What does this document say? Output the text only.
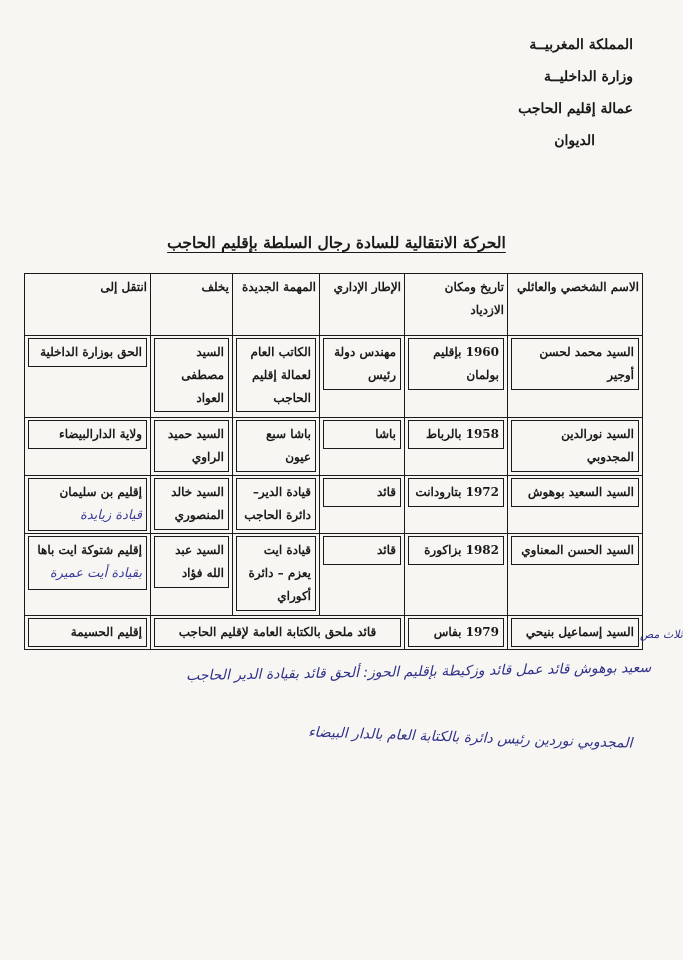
المملكة المغربيــة
وزارة الداخليــة
عمالة إقليم الحاجب
الديوان
الحركة الانتقالية للسادة رجال السلطة بإقليم الحاجب
الاسم الشخصي والعائلي	تاريخ ومكان الازدياد	الإطار الإداري	المهمة الجديدة	يخلف	انتقل إلى

السيد محمد لحسن أوجير	1960 بإقليم بولمان	مهندس دولة رئيس	الكاتب العام لعمالة إقليم الحاجب	السيد مصطفى العواد	الحق بوزارة الداخلية

السيد نورالدين المجدوبي	1958 بالرباط	باشا	باشا سبع عيون	السيد حميد الراوي	ولاية الدارالبيضاء

السيد السعيد بوهوش	1972 بتارودانت	قائد	قيادة الدير– دائرة الحاجب	السيد خالد المنصوري	إقليم بن سليمان
قيادة زيايدة

السيد الحسن المعناوي	1982 بزاكورة	قائد	قيادة ايت يعزم – دائرة أكوراي	السيد عبد الله فؤاد	إقليم شتوكة ايت باها
بقيادة أيت عميرة

السيد إسماعيل بنيحي	1979 بفاس	قائد ملحق بالكتابة العامة لإقليم الحاجب			إقليم الحسيمة	ثلاث مص
سعيد بوهوش قائد عمل قائد وزكيطة بإقليم الحوز: ألحق قائد بقيادة الدير الحاجب
المجدوبي نوردين رئيس دائرة بالكتابة العام بالدار البيضاء
